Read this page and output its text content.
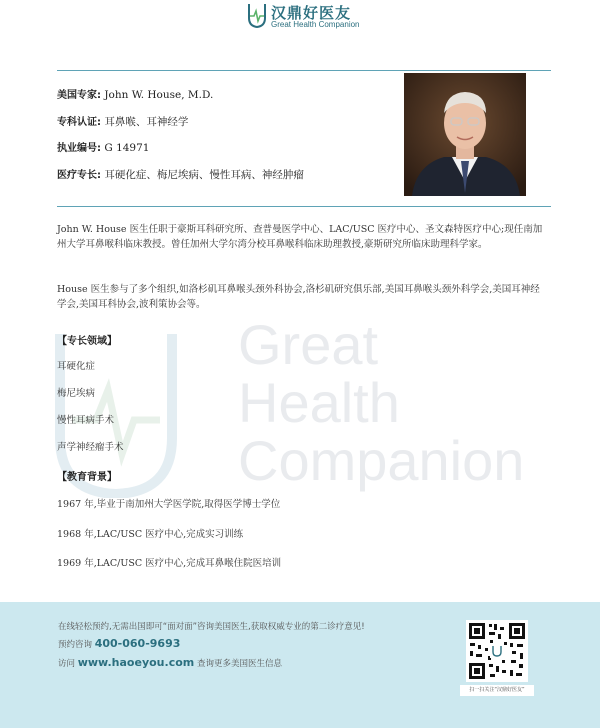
汉鼎好医友
Great Health Companion
美国专家: John W. House, M.D.
专科认证: 耳鼻喉、耳神经学
执业编号: G 14971
医疗专长: 耳硬化症、梅尼埃病、慢性耳病、神经肿瘤
John W. House 医生任职于豪斯耳科研究所、查普曼医学中心、LAC/USC 医疗中心、圣文森特医疗中心;现任南加州大学耳鼻喉科临床教授。曾任加州大学尔湾分校耳鼻喉科临床助理教授,豪斯研究所临床助理科学家。
House 医生参与了多个组织,如洛杉矶耳鼻喉头颈外科协会,洛杉矶研究俱乐部,美国耳鼻喉头颈外科学会,美国耳神经学会,美国耳科协会,波利策协会等。
Great
Health
Companion
【专长领域】
耳硬化症
梅尼埃病
慢性耳病手术
声学神经瘤手术
【教育背景】
1967 年,毕业于南加州大学医学院,取得医学博士学位
1968 年,LAC/USC 医疗中心,完成实习训练
1969 年,LAC/USC 医疗中心,完成耳鼻喉住院医培训
在线轻松预约,无需出国即可“面对面”咨询美国医生,获取权威专业的第二诊疗意见!
预约咨询 400-060-9693
访问 www.haoeyou.com 查询更多美国医生信息
扫一扫关注“汉鼎好医友”
